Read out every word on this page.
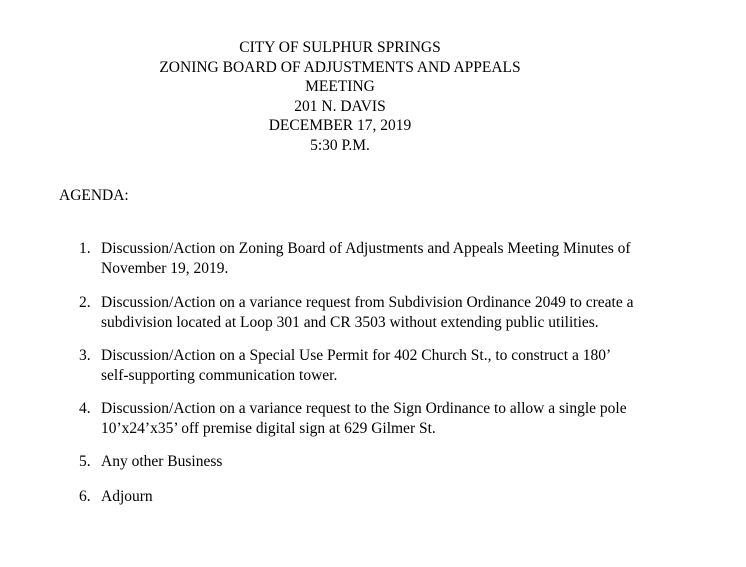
CITY OF SULPHUR SPRINGS
ZONING BOARD OF ADJUSTMENTS AND APPEALS
MEETING
201 N. DAVIS
DECEMBER 17, 2019
5:30 P.M.
AGENDA:
1. Discussion/Action on Zoning Board of Adjustments and Appeals Meeting Minutes of
November 19, 2019.
2. Discussion/Action on a variance request from Subdivision Ordinance 2049 to create a
subdivision located at Loop 301 and CR 3503 without extending public utilities.
3. Discussion/Action on a Special Use Permit for 402 Church St., to construct a 180’
self-supporting communication tower.
4. Discussion/Action on a variance request to the Sign Ordinance to allow a single pole
10’x24’x35’ off premise digital sign at 629 Gilmer St.
5. Any other Business
6. Adjourn
